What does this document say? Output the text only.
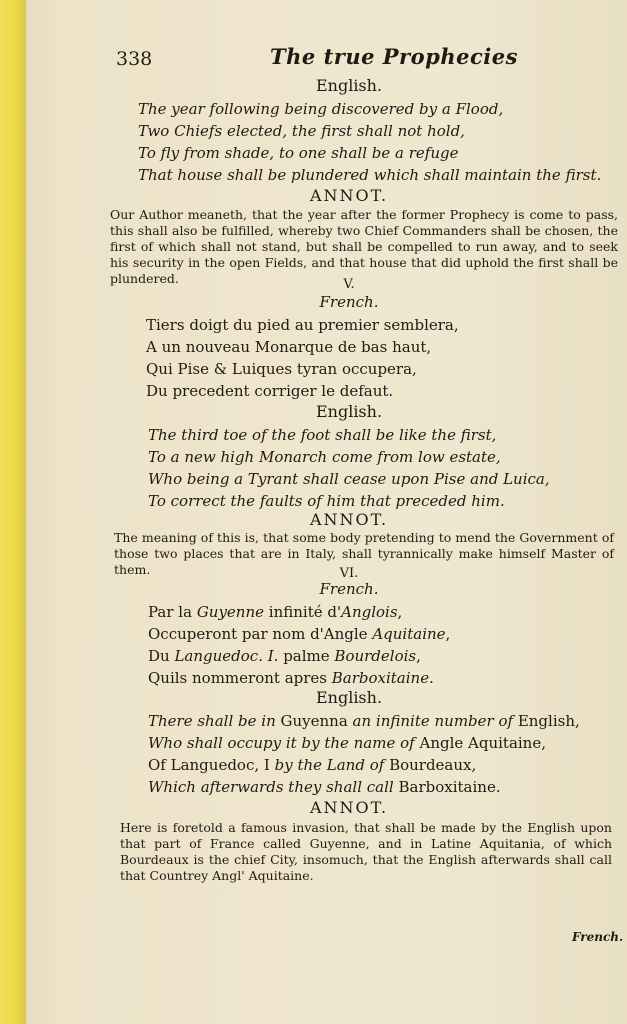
338	The true Prophecies
English.
The year following being discovered by a Flood,
Two Chiefs elected, the first shall not hold,
To fly from shade, to one shall be a refuge
That house shall be plundered which shall maintain the first.
ANNOT.
Our Author meaneth, that the year after the former Prophecy is come to pass, this shall also be fulfilled, whereby two Chief Commanders shall be chosen, the first of which shall not stand, but shall be compelled to run away, and to seek his security in the open Fields, and that house that did uphold the first shall be plundered.	V.
French.
Tiers doigt du pied au premier semblera,
A un nouveau Monarque de bas haut,
Qui Pise & Luiques tyran occupera,
Du precedent corriger le defaut.
English.
The third toe of the foot shall be like the first,
To a new high Monarch come from low estate,
Who being a Tyrant shall cease upon Pise and Luica,
To correct the faults of him that preceded him.
ANNOT.
The meaning of this is, that some body pretending to mend the Government of those two places that are in Italy, shall tyrannically make himself Master of them.	VI.
French.
Par la Guyenne infinité d'Anglois,
Occuperont par nom d'Angle Aquitaine,
Du Languedoc. I. palme Bourdelois,
Quils nommeront apres Barboxitaine.
English.
There shall be in Guyenna an infinite number of English,
Who shall occupy it by the name of Angle Aquitaine,
Of Languedoc, I by the Land of Bourdeaux,
Which afterwards they shall call Barboxitaine.
ANNOT.
Here is foretold a famous invasion, that shall be made by the English upon that part of France called Guyenne, and in Latine Aquitania, of which Bourdeaux is the chief City, insomuch, that the English afterwards shall call that Countrey Angl' Aquitaine.
French.
